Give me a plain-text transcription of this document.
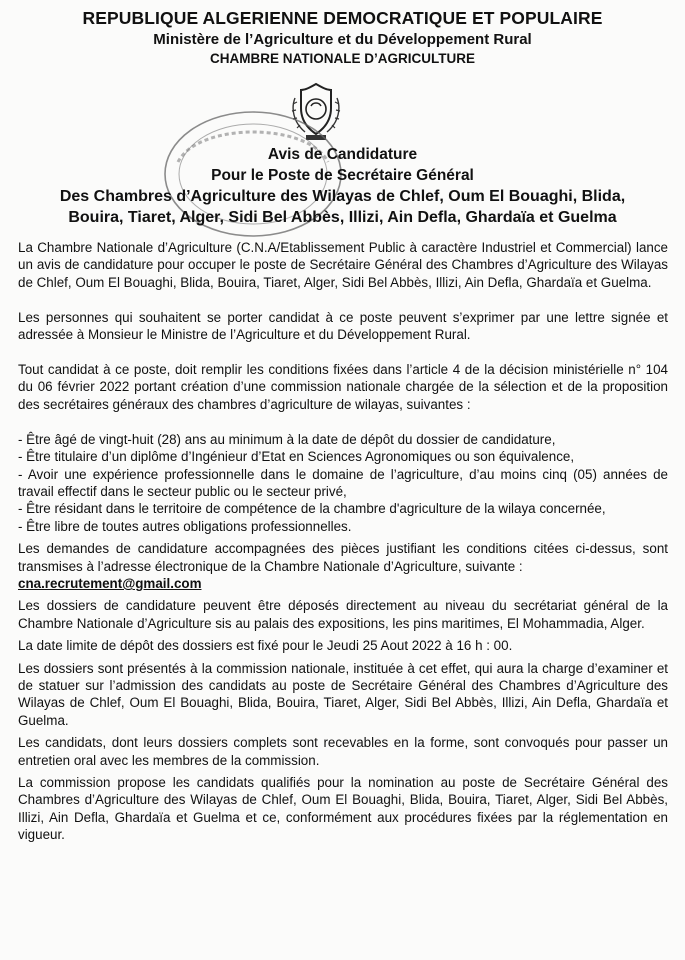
REPUBLIQUE ALGERIENNE DEMOCRATIQUE ET POPULAIRE
Ministère de l’Agriculture et du Développement Rural
CHAMBRE NATIONALE D’AGRICULTURE
Avis de Candidature
Pour le Poste de Secrétaire Général
Des Chambres d’Agriculture des Wilayas de Chlef, Oum El Bouaghi, Blida,
Bouira, Tiaret, Alger, Sidi Bel Abbès, Illizi, Ain Defla, Ghardaïa et Guelma

La Chambre Nationale d’Agriculture (C.N.A/Etablissement Public à caractère Industriel et Commercial) lance un avis de candidature pour occuper le poste de Secrétaire Général des Chambres d’Agriculture des Wilayas de Chlef, Oum El Bouaghi, Blida, Bouira, Tiaret, Alger, Sidi Bel Abbès, Illizi, Ain Defla, Ghardaïa et Guelma.

Les personnes qui souhaitent se porter candidat à ce poste peuvent s’exprimer par une lettre signée et adressée à Monsieur le Ministre de l’Agriculture et du Développement Rural.

Tout candidat à ce poste, doit remplir les conditions fixées dans l’article 4 de la décision ministérielle n° 104 du 06 février 2022 portant création d’une commission nationale chargée de la sélection et de la proposition des secrétaires généraux des chambres d’agriculture de wilayas, suivantes :

- Être âgé de vingt-huit (28) ans au minimum à la date de dépôt du dossier de candidature,
- Être titulaire d’un diplôme d’Ingénieur d’Etat en Sciences Agronomiques ou son équivalence,
- Avoir une expérience professionnelle dans le domaine de l’agriculture, d’au moins cinq (05) années de travail effectif dans le secteur public ou le secteur privé,
- Être résidant dans le territoire de compétence de la chambre d'agriculture de la wilaya concernée,
- Être libre de toutes autres obligations professionnelles.

Les demandes de candidature accompagnées des pièces justifiant les conditions citées ci-dessus, sont transmises à l’adresse électronique de la Chambre Nationale d’Agriculture, suivante :

cna.recrutement@gmail.com

Les dossiers de candidature peuvent être déposés directement au niveau du secrétariat général de la Chambre Nationale d’Agriculture sis au palais des expositions, les pins maritimes, El Mohammadia, Alger.

La date limite de dépôt des dossiers est fixé pour le Jeudi 25 Aout 2022 à 16 h : 00.

Les dossiers sont présentés à la commission nationale, instituée à cet effet, qui aura la charge d’examiner et de statuer sur l’admission des candidats au poste de Secrétaire Général des Chambres d’Agriculture des Wilayas de Chlef, Oum El Bouaghi, Blida, Bouira, Tiaret, Alger, Sidi Bel Abbès, Illizi, Ain Defla, Ghardaïa et Guelma.

Les candidats, dont leurs dossiers complets sont recevables en la forme, sont convoqués pour passer un entretien oral avec les membres de la commission.

La commission propose les candidats qualifiés pour la nomination au poste de Secrétaire Général des Chambres d’Agriculture des Wilayas de Chlef, Oum El Bouaghi, Blida, Bouira, Tiaret, Alger, Sidi Bel Abbès, Illizi, Ain Defla, Ghardaïa et Guelma et ce, conformément aux procédures fixées par la réglementation en vigueur.
